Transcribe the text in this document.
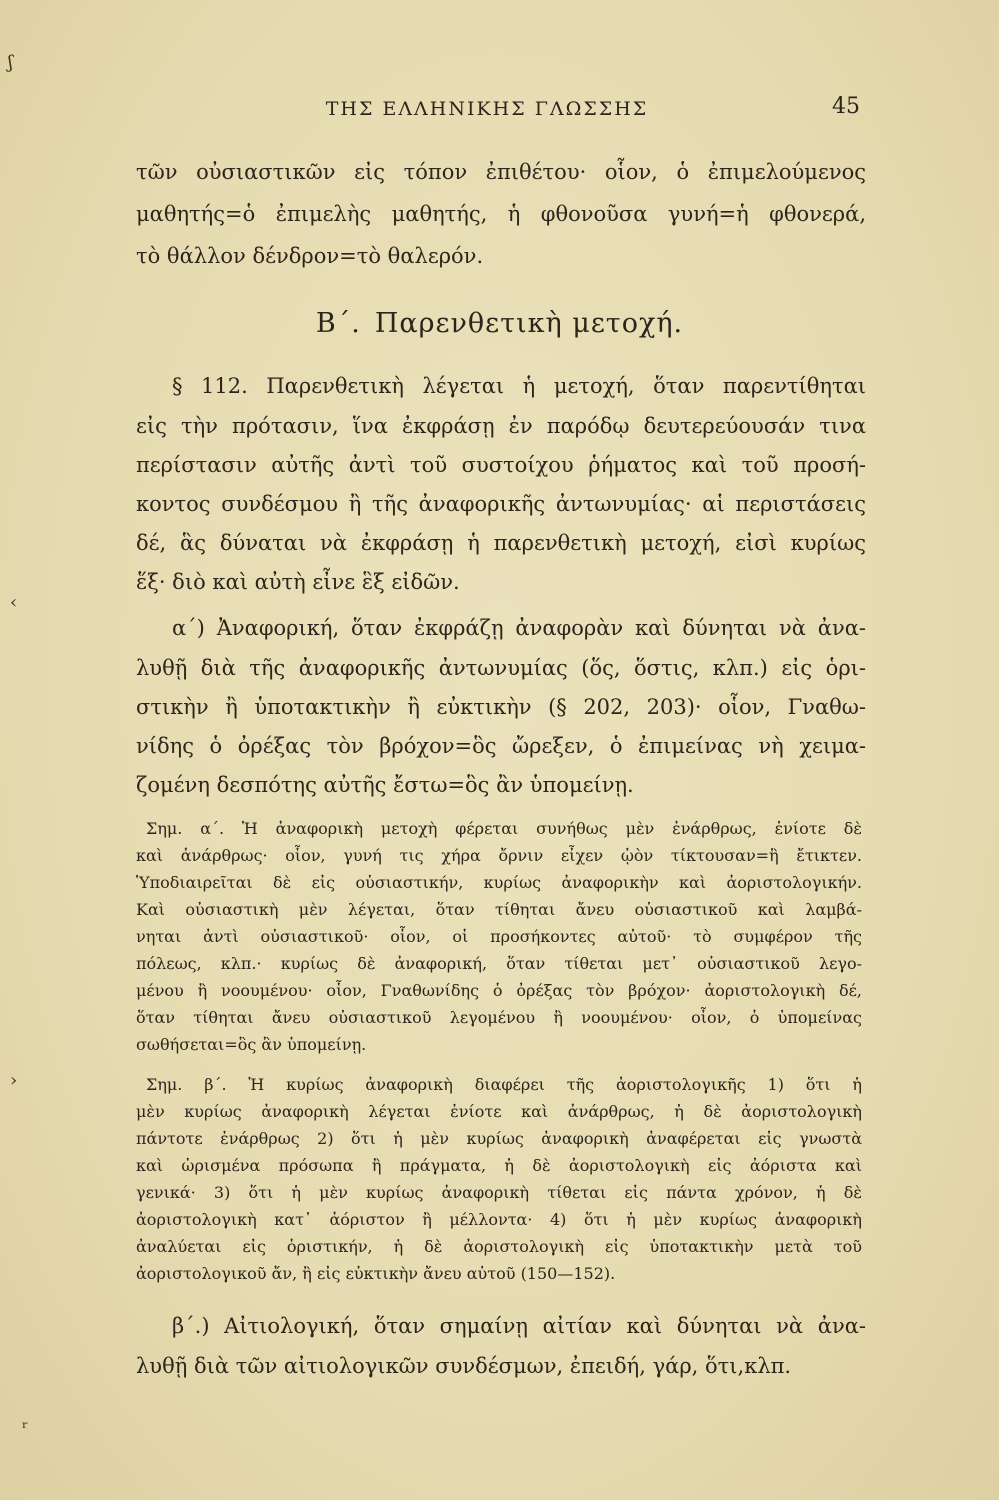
ʃ
‹
›
ʳ
ΤΗΣ ΕΛΛΗΝΙΚΗΣ ΓΛΩΣΣΗΣ	45
τῶν οὐσιαστικῶν εἰς τόπον ἐπιθέτου· οἷον, ὁ ἐπιμελούμενος
μαθητής=ὁ ἐπιμελὴς μαθητής, ἡ φθονοῦσα γυνή=ἡ φθονερά,
τὸ θάλλον δένδρον=τὸ θαλερόν.
Β΄. Παρενθετικὴ μετοχή.
§ 112. Παρενθετικὴ λέγεται ἡ μετοχή, ὅταν παρεντίθηται
εἰς τὴν πρότασιν, ἵνα ἐκφράσῃ ἐν παρόδῳ δευτερεύουσάν τινα
περίστασιν αὐτῆς ἀντὶ τοῦ συστοίχου ῥήματος καὶ τοῦ προσή-
κοντος συνδέσμου ἢ τῆς ἀναφορικῆς ἀντωνυμίας· αἱ περιστάσεις
δέ, ἃς δύναται νὰ ἐκφράσῃ ἡ παρενθετικὴ μετοχή, εἰσὶ κυρίως
ἕξ· διὸ καὶ αὐτὴ εἶνε ἓξ εἰδῶν.
α΄) Ἀναφορική, ὅταν ἐκφράζῃ ἀναφορὰν καὶ δύνηται νὰ ἀνα-
λυθῇ διὰ τῆς ἀναφορικῆς ἀντωνυμίας (ὅς, ὅστις, κλπ.) εἰς ὁρι-
στικὴν ἢ ὑποτακτικὴν ἢ εὐκτικὴν (§ 202, 203)· οἷον, Γναθω-
νίδης ὁ ὀρέξας τὸν βρόχον=ὃς ὤρεξεν, ὁ ἐπιμείνας νὴ χειμα-
ζομένη δεσπότης αὐτῆς ἔστω=ὃς ἂν ὑπομείνῃ.
Σημ. α΄. Ἡ ἀναφορικὴ μετοχὴ φέρεται συνήθως μὲν ἐνάρθρως, ἐνίοτε δὲ
καὶ ἀνάρθρως· οἷον, γυνή τις χήρα ὄρνιν εἶχεν ᾠὸν τίκτουσαν=ἣ ἔτικτεν.
Ὑποδιαιρεῖται δὲ εἰς οὐσιαστικήν, κυρίως ἀναφορικὴν καὶ ἀοριστολογικήν.
Καὶ οὐσιαστικὴ μὲν λέγεται, ὅταν τίθηται ἄνευ οὐσιαστικοῦ καὶ λαμβά-
νηται ἀντὶ οὐσιαστικοῦ· οἷον, οἱ προσήκοντες αὐτοῦ· τὸ συμφέρον τῆς
πόλεως, κλπ.· κυρίως δὲ ἀναφορική, ὅταν τίθεται μετ᾽ οὐσιαστικοῦ λεγο-
μένου ἢ νοουμένου· οἷον, Γναθωνίδης ὁ ὀρέξας τὸν βρόχον· ἀοριστολογικὴ δέ,
ὅταν τίθηται ἄνευ οὐσιαστικοῦ λεγομένου ἢ νοουμένου· οἷον, ὁ ὑπομείνας
σωθήσεται=ὃς ἂν ὑπομείνῃ.
Σημ. β΄. Ἡ κυρίως ἀναφορικὴ διαφέρει τῆς ἀοριστολογικῆς 1) ὅτι ἡ
μὲν κυρίως ἀναφορικὴ λέγεται ἐνίοτε καὶ ἀνάρθρως, ἡ δὲ ἀοριστολογικὴ
πάντοτε ἐνάρθρως 2) ὅτι ἡ μὲν κυρίως ἀναφορικὴ ἀναφέρεται εἰς γνωστὰ
καὶ ὡρισμένα πρόσωπα ἢ πράγματα, ἡ δὲ ἀοριστολογικὴ εἰς ἀόριστα καὶ
γενικά· 3) ὅτι ἡ μὲν κυρίως ἀναφορικὴ τίθεται εἰς πάντα χρόνον, ἡ δὲ
ἀοριστολογικὴ κατ᾽ ἀόριστον ἢ μέλλοντα· 4) ὅτι ἡ μὲν κυρίως ἀναφορικὴ
ἀναλύεται εἰς ὁριστικήν, ἡ δὲ ἀοριστολογικὴ εἰς ὑποτακτικὴν μετὰ τοῦ
ἀοριστολογικοῦ ἄν, ἢ εἰς εὐκτικὴν ἄνευ αὐτοῦ (150—152).
β΄.) Αἰτιολογική, ὅταν σημαίνῃ αἰτίαν καὶ δύνηται νὰ ἀνα-
λυθῇ διὰ τῶν αἰτιολογικῶν συνδέσμων, ἐπειδή, γάρ, ὅτι,κλπ.
